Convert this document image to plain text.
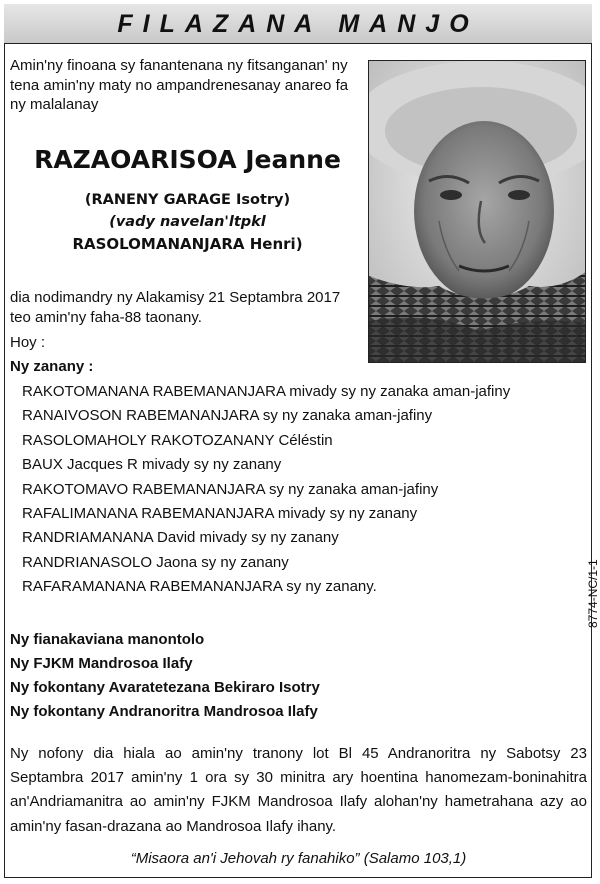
FILAZANA MANJO
Amin'ny finoana sy fanantenana ny fitsanganan' ny tena amin'ny maty no ampandrenesanay anareo fa ny malalanay
RAZAOARISOA Jeanne
(RANENY GARAGE Isotry)
(vady navelan'ltpkl
RASOLOMANANJARA Henri)
dia nodimandry ny Alakamisy 21 Septambra 2017 teo amin'ny faha-88 taonany.
Hoy :
Ny zanany :
RAKOTOMANANA RABEMANANJARA mivady sy ny zanaka aman-jafiny
RANAIVOSON RABEMANANJARA sy ny zanaka aman-jafiny
RASOLOMAHOLY RAKOTOZANANY Céléstin
BAUX Jacques R mivady sy ny zanany
RAKOTOMAVO RABEMANANJARA sy ny zanaka aman-jafiny
RAFALIMANANA RABEMANANJARA mivady sy ny zanany
RANDRIAMANANA David mivady sy ny zanany
RANDRIANASOLO Jaona sy ny zanany
RAFARAMANANA RABEMANANJARA sy ny zanany.
Ny fianakaviana manontolo
Ny FJKM Mandrosoa Ilafy
Ny fokontany Avaratetezana Bekiraro Isotry
Ny fokontany Andranoritra Mandrosoa Ilafy
8774-NC/1-1
Ny nofony dia hiala ao amin'ny tranony lot Bl 45 Andranoritra ny Sabotsy 23 Septambra 2017 amin'ny 1 ora sy 30 minitra ary hoentina hanomezam-boninahitra an'Andriamanitra ao amin'ny FJKM Mandrosoa Ilafy alohan'ny hametrahana azy ao amin'ny fasan-drazana ao Mandrosoa Ilafy ihany.
“Misaora an'i Jehovah ry fanahiko” (Salamo 103,1)
